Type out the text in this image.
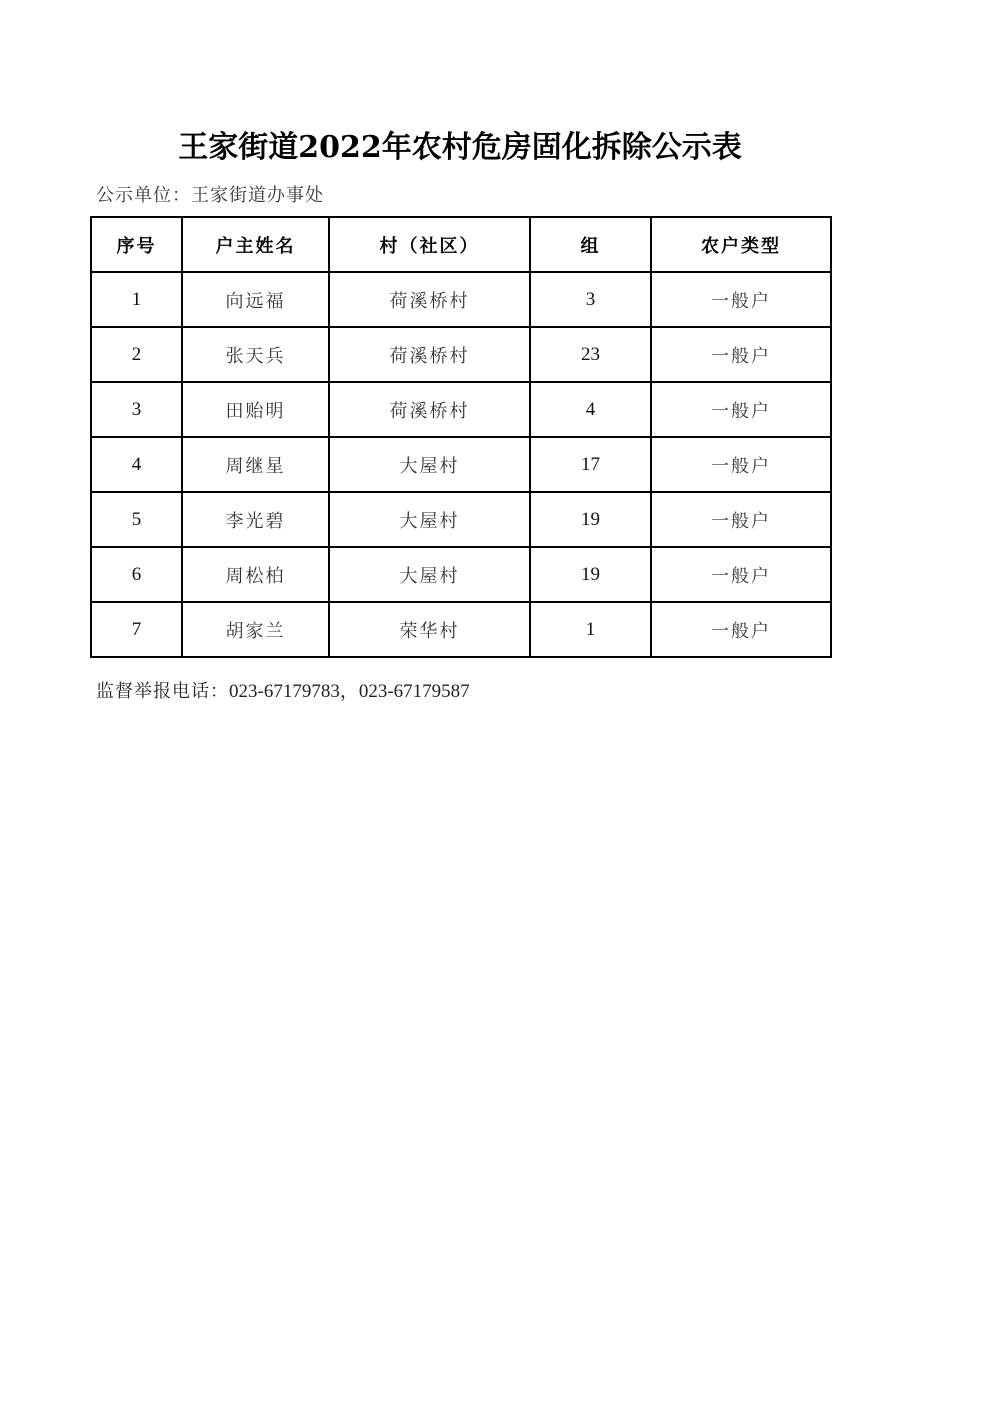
王家街道2022年农村危房固化拆除公示表
公示单位：王家街道办事处
序号	户主姓名	村（社区）	组	农户类型
1	向远福	荷溪桥村	3	一般户
2	张天兵	荷溪桥村	23	一般户
3	田贻明	荷溪桥村	4	一般户
4	周继星	大屋村	17	一般户
5	李光碧	大屋村	19	一般户
6	周松柏	大屋村	19	一般户
7	胡家兰	荣华村	1	一般户
监督举报电话：023-67179783，023-67179587
